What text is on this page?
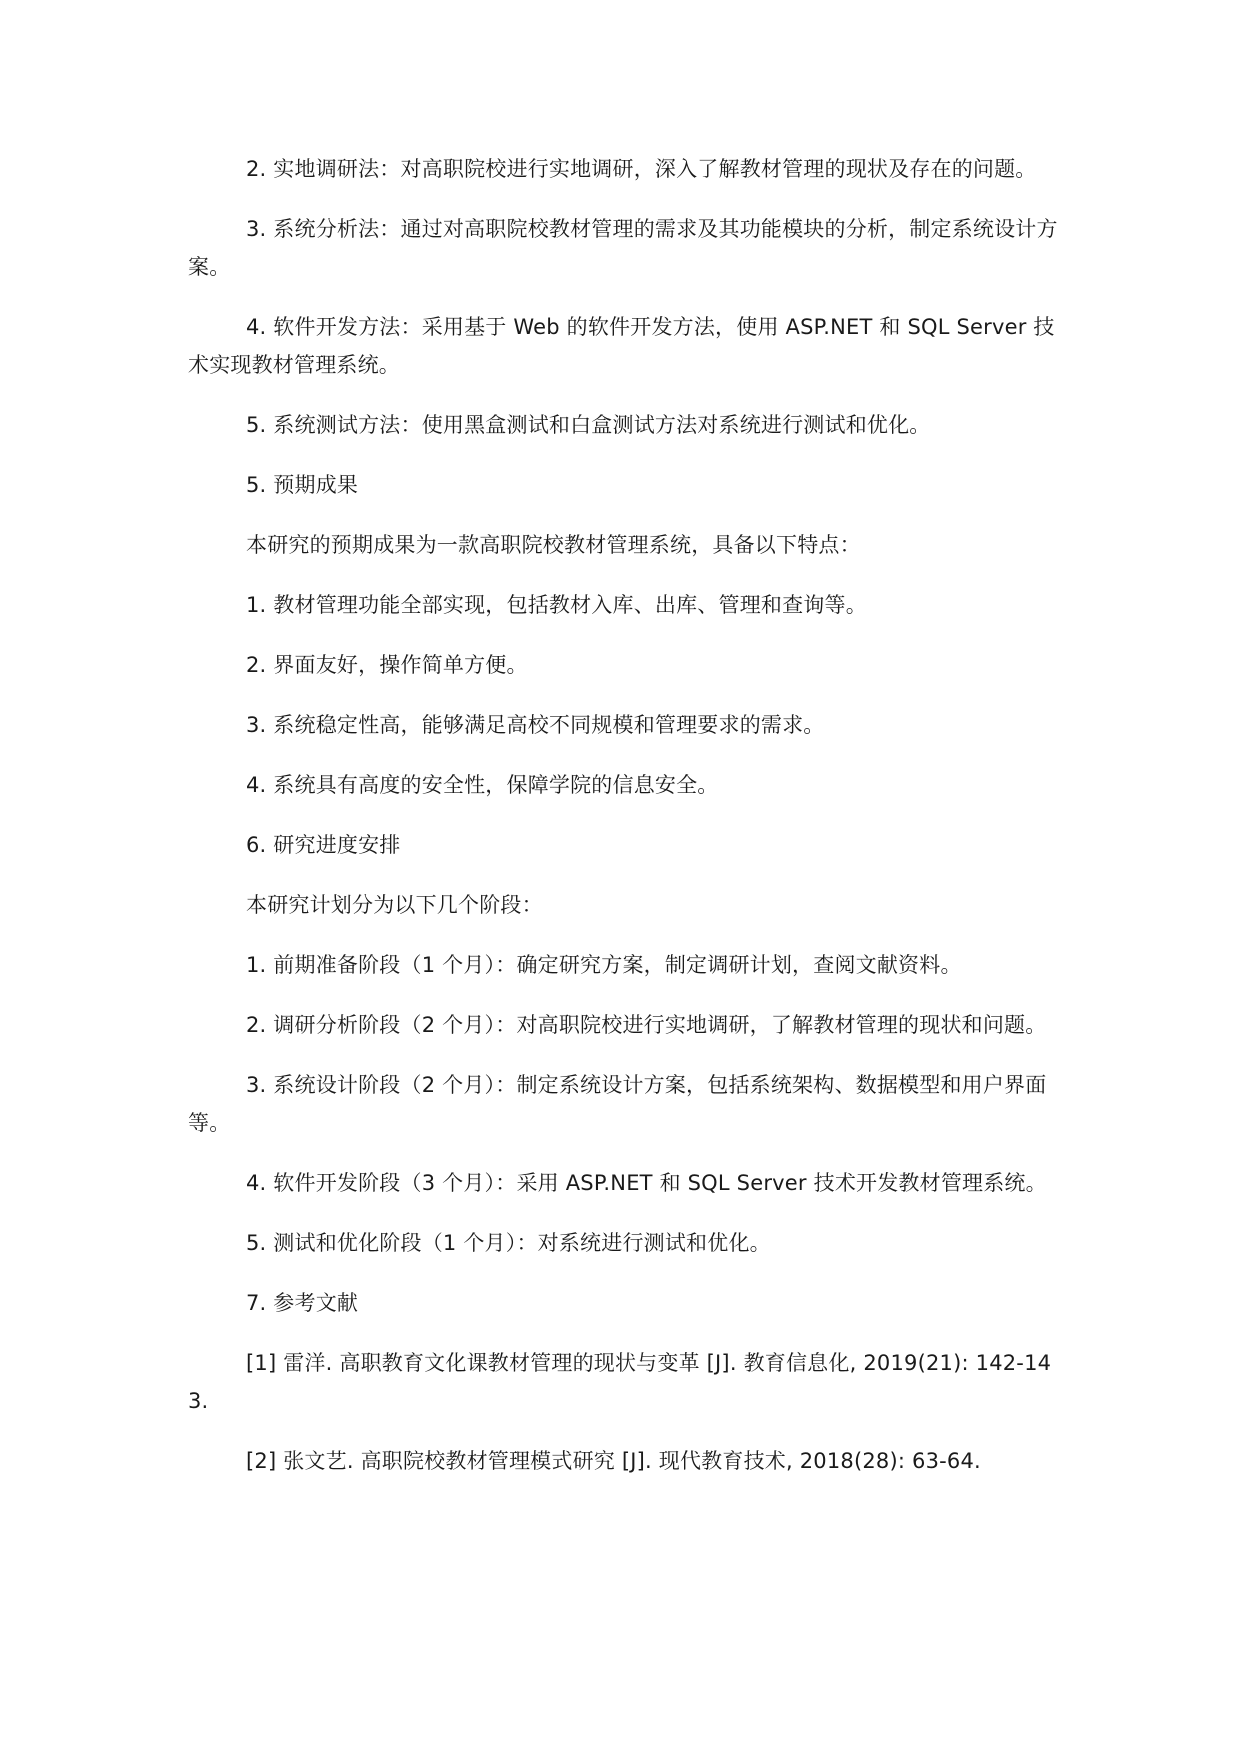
2. 实地调研法：对高职院校进行实地调研，深入了解教材管理的现状及存在的问题。

3. 系统分析法：通过对高职院校教材管理的需求及其功能模块的分析，制定系统设计方案。

4. 软件开发方法：采用基于 Web 的软件开发方法，使用 ASP.NET 和 SQL Server 技术实现教材管理系统。

5. 系统测试方法：使用黑盒测试和白盒测试方法对系统进行测试和优化。

5. 预期成果

本研究的预期成果为一款高职院校教材管理系统，具备以下特点：

1. 教材管理功能全部实现，包括教材入库、出库、管理和查询等。

2. 界面友好，操作简单方便。

3. 系统稳定性高，能够满足高校不同规模和管理要求的需求。

4. 系统具有高度的安全性，保障学院的信息安全。

6. 研究进度安排

本研究计划分为以下几个阶段：

1. 前期准备阶段（1 个月）：确定研究方案，制定调研计划，查阅文献资料。

2. 调研分析阶段（2 个月）：对高职院校进行实地调研，了解教材管理的现状和问题。

3. 系统设计阶段（2 个月）：制定系统设计方案，包括系统架构、数据模型和用户界面等。

4. 软件开发阶段（3 个月）：采用 ASP.NET 和 SQL Server 技术开发教材管理系统。

5. 测试和优化阶段（1 个月）：对系统进行测试和优化。

7. 参考文献

[1] 雷洋. 高职教育文化课教材管理的现状与变革 [J]. 教育信息化, 2019(21): 142-143.

[2] 张文艺. 高职院校教材管理模式研究 [J]. 现代教育技术, 2018(28): 63-64.
